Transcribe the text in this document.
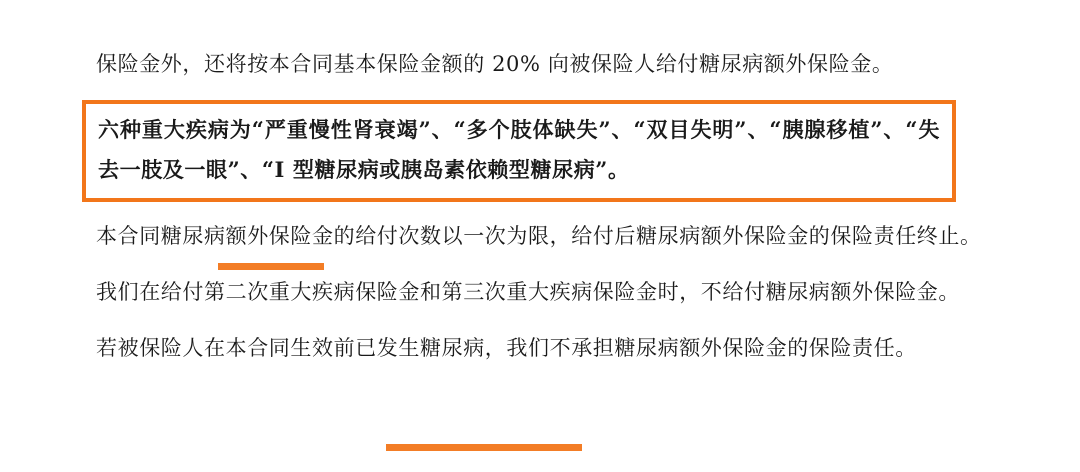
保险金外，还将按本合同基本保险金额的 20% 向被保险人给付糖尿病额外保险金。

六种重大疾病为“严重慢性肾衰竭”、“多个肢体缺失”、“双目失明”、“胰腺移植”、“失去一肢及一眼”、“I 型糖尿病或胰岛素依赖型糖尿病”。

本合同糖尿病额外保险金的给付次数以一次为限，给付后糖尿病额外保险金的保险责任终止。

我们在给付第二次重大疾病保险金和第三次重大疾病保险金时，不给付糖尿病额外保险金。

若被保险人在本合同生效前已发生糖尿病，我们不承担糖尿病额外保险金的保险责任。
